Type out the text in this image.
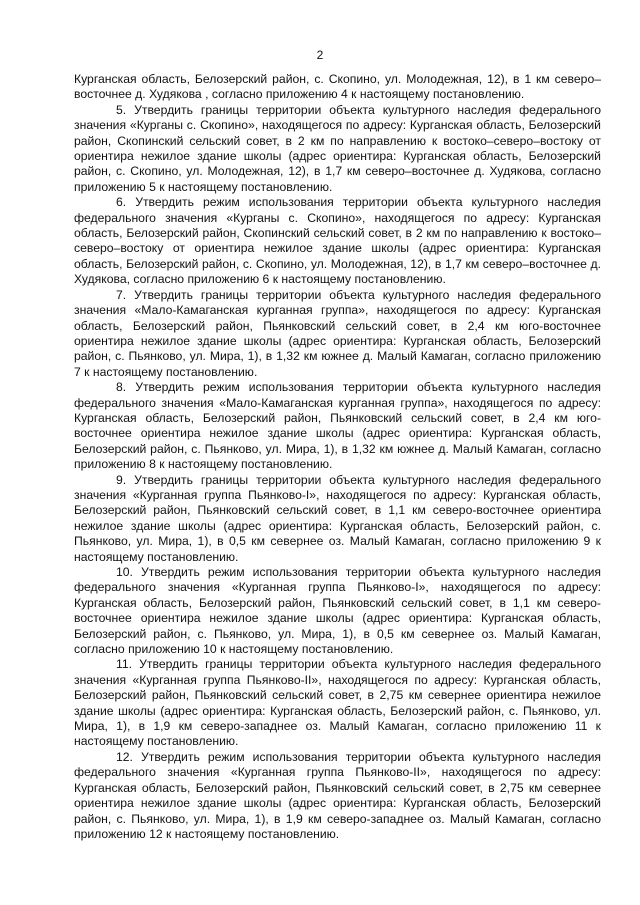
2

Курганская область, Белозерский район, с. Скопино, ул. Молодежная, 12), в 1 км северо–восточнее д. Худякова , согласно приложению 4 к настоящему постановлению.

5. Утвердить границы территории объекта культурного наследия федерального значения «Курганы с. Скопино», находящегося по адресу: Курганская область, Белозерский район, Скопинский сельский совет, в 2 км по направлению к востоко–северо–востоку от ориентира нежилое здание школы (адрес ориентира: Курганская область, Белозерский район, с. Скопино, ул. Молодежная, 12), в 1,7 км северо–восточнее д. Худякова, согласно приложению 5 к настоящему постановлению.

6. Утвердить режим использования территории объекта культурного наследия федерального значения «Курганы с. Скопино», находящегося по адресу: Курганская область, Белозерский район, Скопинский сельский совет, в 2 км по направлению к востоко–северо–востоку от ориентира нежилое здание школы (адрес ориентира: Курганская область, Белозерский район, с. Скопино, ул. Молодежная, 12), в 1,7 км северо–восточнее д. Худякова, согласно приложению 6 к настоящему постановлению.

7. Утвердить границы территории объекта культурного наследия федерального значения «Мало-Камаганская курганная группа», находящегося по адресу: Курганская область, Белозерский район, Пьянковский сельский совет, в 2,4 км юго-восточнее ориентира нежилое здание школы (адрес ориентира: Курганская область, Белозерский район, с. Пьянково, ул. Мира, 1), в 1,32 км южнее д. Малый Камаган, согласно приложению 7 к настоящему постановлению.

8. Утвердить режим использования территории объекта культурного наследия федерального значения «Мало-Камаганская курганная группа», находящегося по адресу: Курганская область, Белозерский район, Пьянковский сельский совет, в 2,4 км юго-восточнее ориентира нежилое здание школы (адрес ориентира: Курганская область, Белозерский район, с. Пьянково, ул. Мира, 1), в 1,32 км южнее д. Малый Камаган, согласно приложению 8 к настоящему постановлению.

9. Утвердить границы территории объекта культурного наследия федерального значения «Курганная группа Пьянково-I», находящегося по адресу: Курганская область, Белозерский район, Пьянковский сельский совет, в 1,1 км северо-восточнее ориентира нежилое здание школы (адрес ориентира: Курганская область, Белозерский район, с. Пьянково, ул. Мира, 1), в 0,5 км севернее оз. Малый Камаган, согласно приложению 9 к настоящему постановлению.

10. Утвердить режим использования территории объекта культурного наследия федерального значения «Курганная группа Пьянково-I», находящегося по адресу: Курганская область, Белозерский район, Пьянковский сельский совет, в 1,1 км северо-восточнее ориентира нежилое здание школы (адрес ориентира: Курганская область, Белозерский район, с. Пьянково, ул. Мира, 1), в 0,5 км севернее оз. Малый Камаган, согласно приложению 10 к настоящему постановлению.

11. Утвердить границы территории объекта культурного наследия федерального значения «Курганная группа Пьянково-II», находящегося по адресу: Курганская область, Белозерский район, Пьянковский сельский совет, в 2,75 км севернее ориентира нежилое здание школы (адрес ориентира: Курганская область, Белозерский район, с. Пьянково, ул. Мира, 1), в 1,9 км северо-западнее оз. Малый Камаган, согласно приложению 11 к настоящему постановлению.

12. Утвердить режим использования территории объекта культурного наследия федерального значения «Курганная группа Пьянково-II», находящегося по адресу: Курганская область, Белозерский район, Пьянковский сельский совет, в 2,75 км севернее ориентира нежилое здание школы (адрес ориентира: Курганская область, Белозерский район, с. Пьянково, ул. Мира, 1), в 1,9 км северо-западнее оз. Малый Камаган, согласно приложению 12 к настоящему постановлению.
